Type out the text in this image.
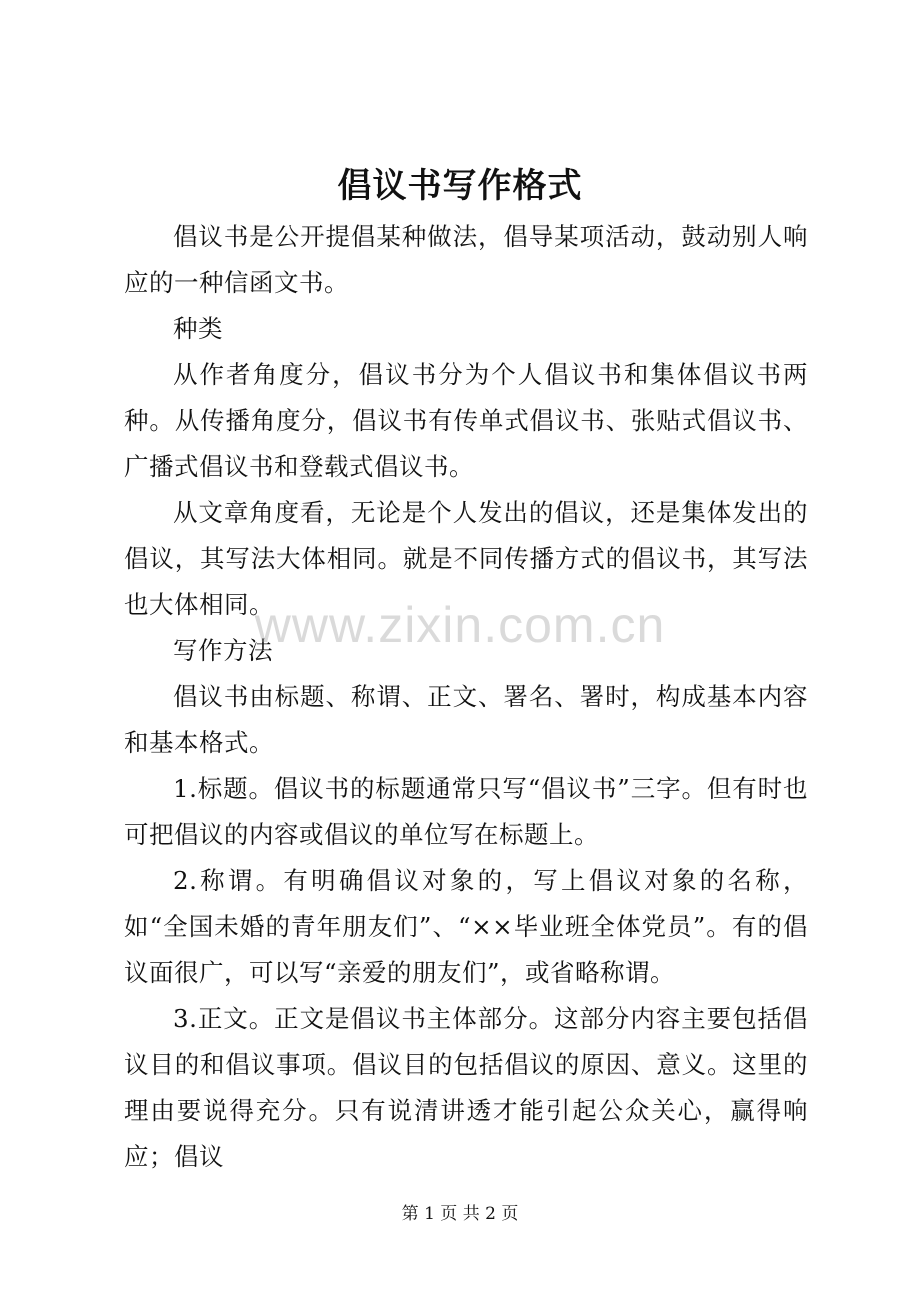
倡议书写作格式

倡议书是公开提倡某种做法，倡导某项活动，鼓动别人响应的一种信函文书。

种类

从作者角度分，倡议书分为个人倡议书和集体倡议书两种。从传播角度分，倡议书有传单式倡议书、张贴式倡议书、广播式倡议书和登载式倡议书。

从文章角度看，无论是个人发出的倡议，还是集体发出的倡议，其写法大体相同。就是不同传播方式的倡议书，其写法也大体相同。

写作方法

倡议书由标题、称谓、正文、署名、署时，构成基本内容和基本格式。

1.标题。倡议书的标题通常只写“倡议书”三字。但有时也可把倡议的内容或倡议的单位写在标题上。

2.称谓。有明确倡议对象的，写上倡议对象的名称，如“全国未婚的青年朋友们”、“××毕业班全体党员”。有的倡议面很广，可以写“亲爱的朋友们”，或省略称谓。

3.正文。正文是倡议书主体部分。这部分内容主要包括倡议目的和倡议事项。倡议目的包括倡议的原因、意义。这里的理由要说得充分。只有说清讲透才能引起公众关心，赢得响应；倡议

www.zixin.com.cn
第 1 页 共 2 页
